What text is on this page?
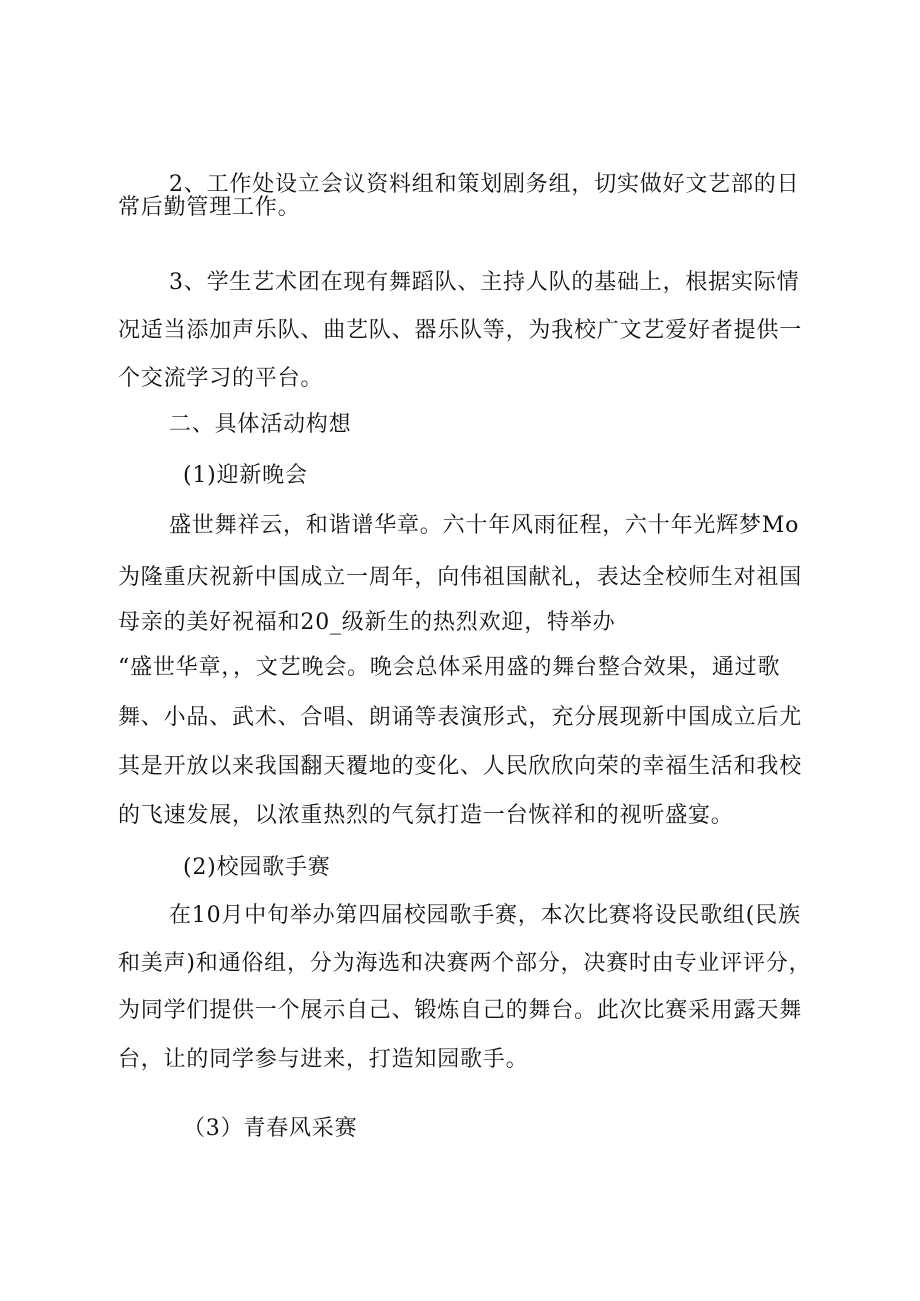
2、工作处设立会议资料组和策划剧务组，切实做好文艺部的日
常后勤管理工作。
3、学生艺术团在现有舞蹈队、主持人队的基础上，根据实际情
况适当添加声乐队、曲艺队、器乐队等，为我校广文艺爱好者提供一
个交流学习的平台。
二、具体活动构想
(1)迎新晚会
盛世舞祥云，和谐谱华章。六十年风雨征程，六十年光辉梦Mo
为隆重庆祝新中国成立一周年，向伟祖国献礼，表达全校师生对祖国
母亲的美好祝福和20_级新生的热烈欢迎，特举办
“盛世华章，，文艺晚会。晚会总体采用盛的舞台整合效果，通过歌
舞、小品、武术、合唱、朗诵等表演形式，充分展现新中国成立后尤
其是开放以来我国翻天覆地的变化、人民欣欣向荣的幸福生活和我校
的飞速发展，以浓重热烈的气氛打造一台恢祥和的视听盛宴。
(2)校园歌手赛
在10月中旬举办第四届校园歌手赛，本次比赛将设民歌组(民族
和美声)和通俗组，分为海选和决赛两个部分，决赛时由专业评评分，
为同学们提供一个展示自己、锻炼自己的舞台。此次比赛采用露天舞
台，让的同学参与进来，打造知园歌手。
（3）青春风采赛
